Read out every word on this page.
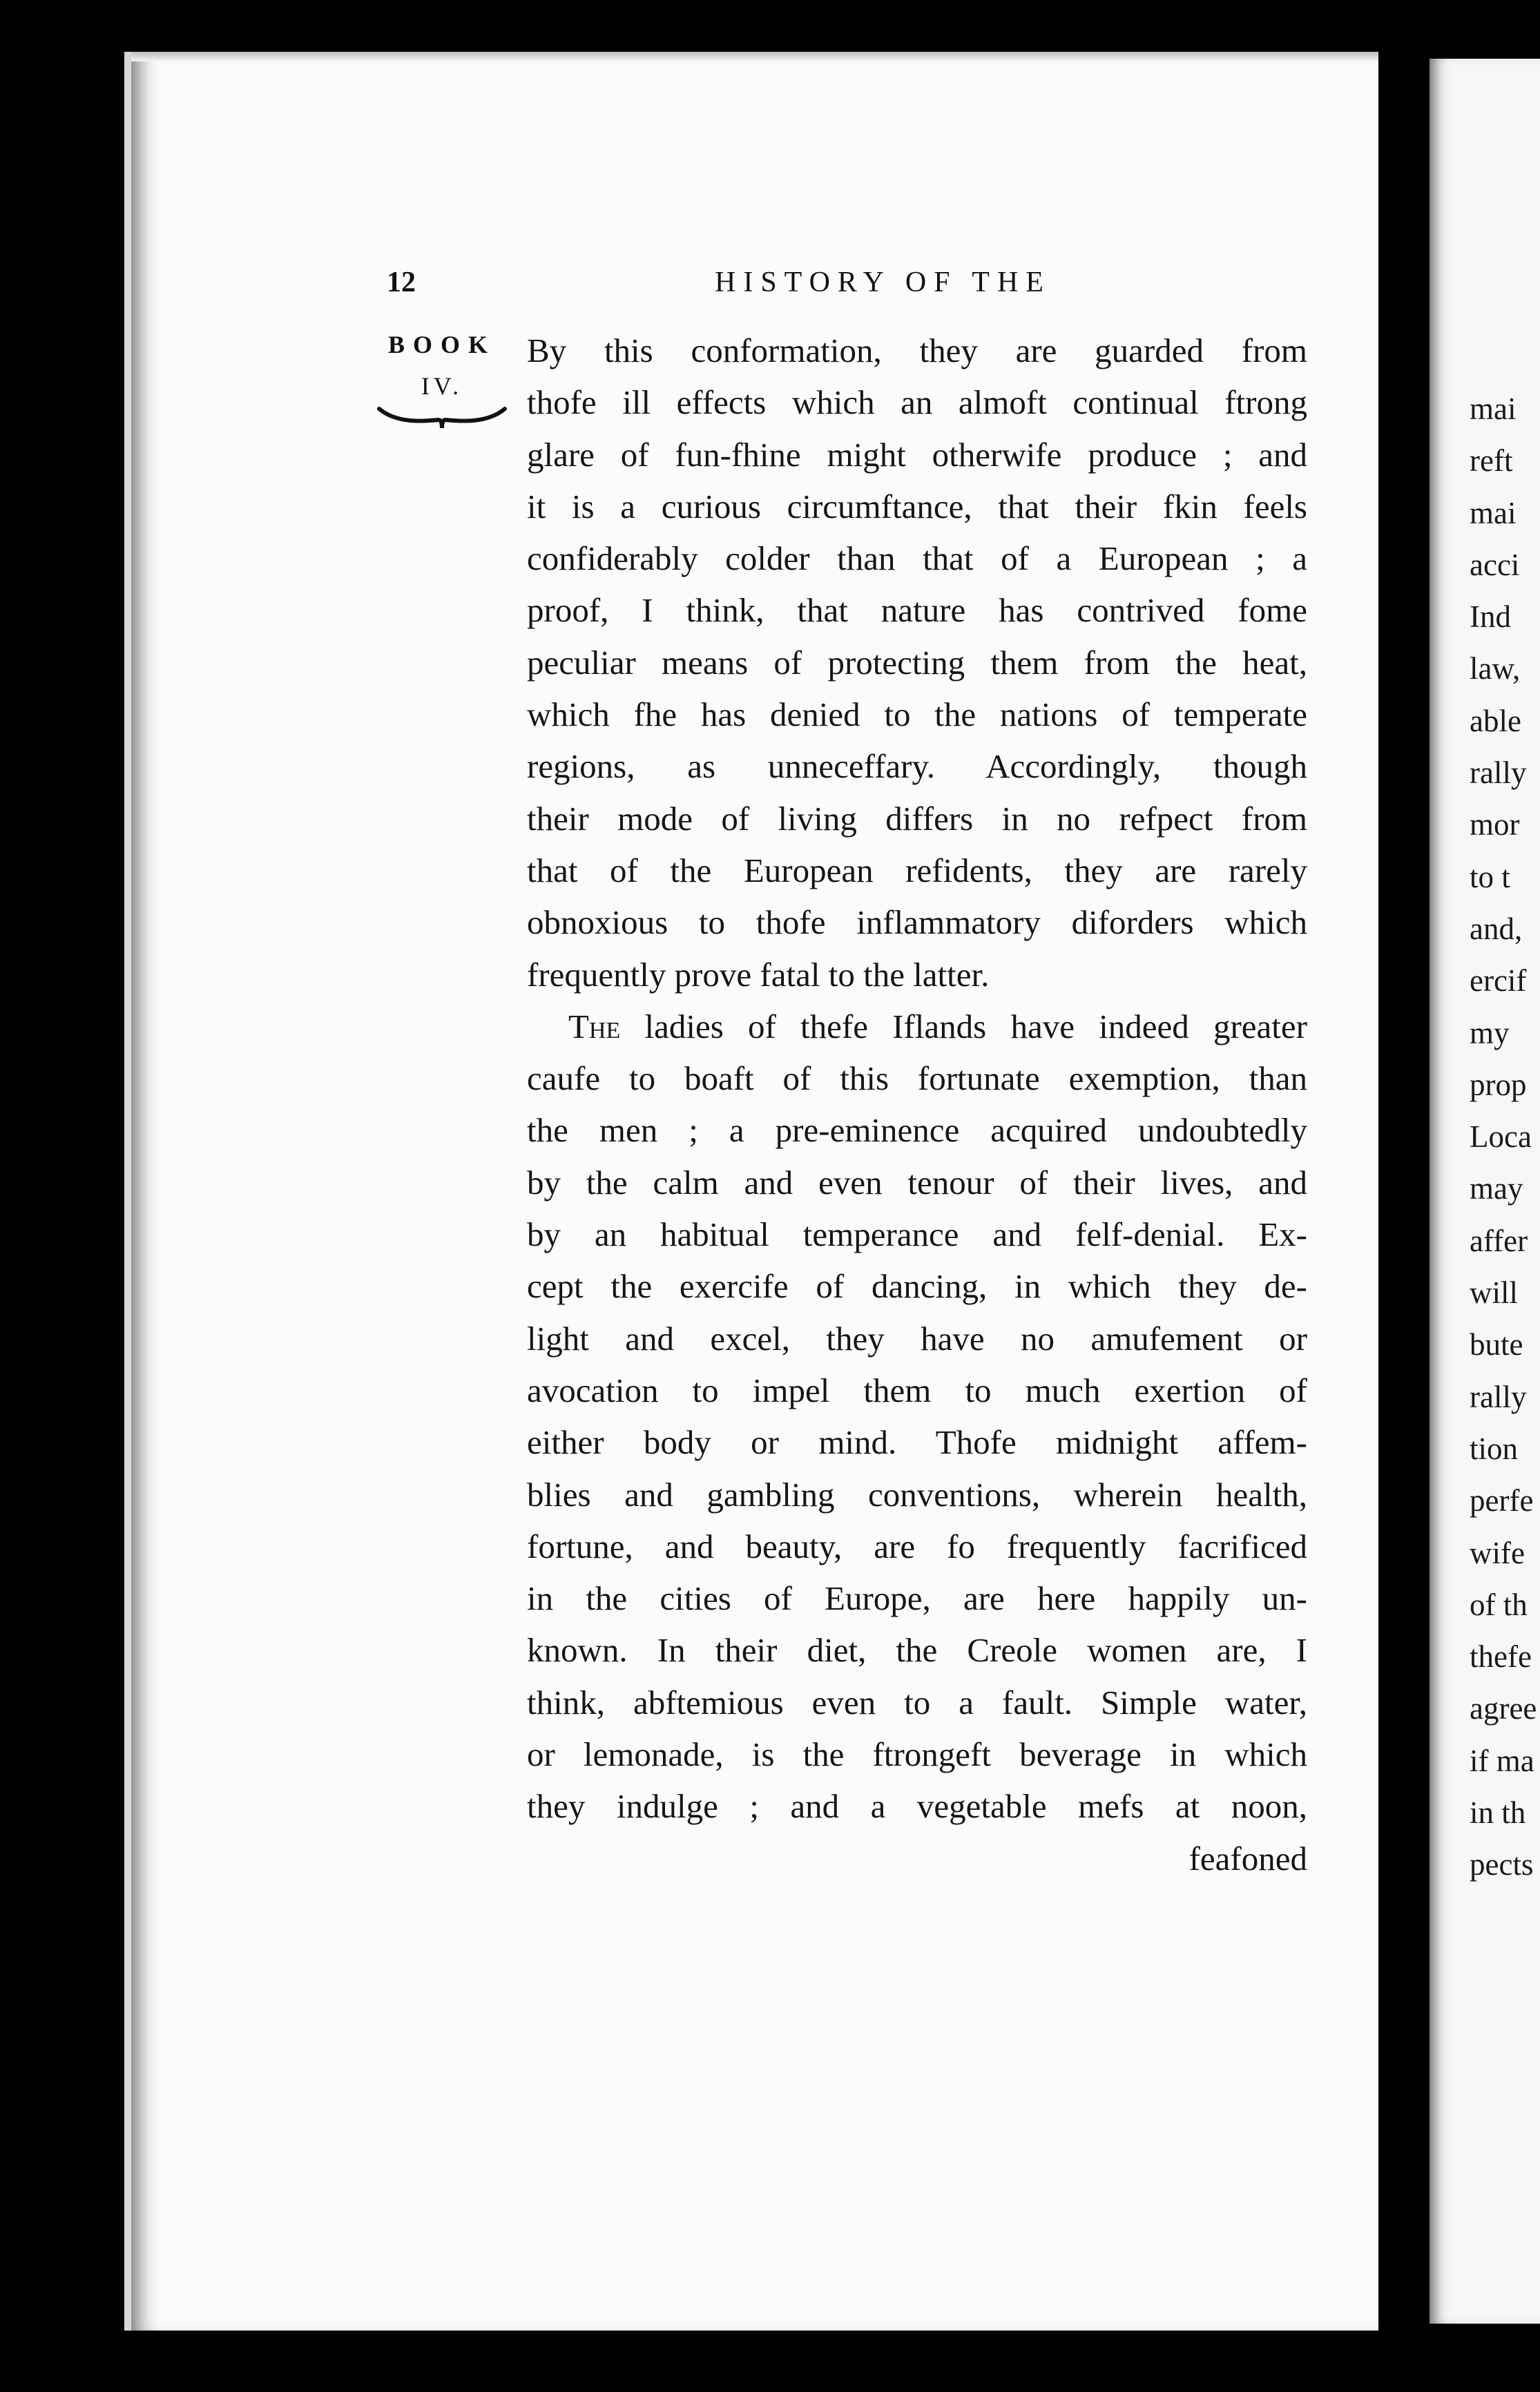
mai
reft
mai
acci
Ind
law,
able
rally
mor
to t
and,
ercif
my
prop
Loca
may
affer
will
bute
rally
tion
perfe
wife
of th
thefe
agree
if ma
in th
pects
12	HISTORY OF THE
BOOK
IV.
By this conformation, they are guarded from
thofe ill effects which an almoft continual ftrong
glare of fun-fhine might otherwife produce ; and
it is a curious circumftance, that their fkin feels
confiderably colder than that of a European ; a
proof, I think, that nature has contrived fome
peculiar means of protecting them from the heat,
which fhe has denied to the nations of temperate
regions, as unneceffary. Accordingly, though
their mode of living differs in no refpect from
that of the European refidents, they are rarely
obnoxious to thofe inflammatory diforders which
frequently prove fatal to the latter.
The ladies of thefe Iflands have indeed greater
caufe to boaft of this fortunate exemption, than
the men ; a pre-eminence acquired undoubtedly
by the calm and even tenour of their lives, and
by an habitual temperance and felf-denial. Ex-
cept the exercife of dancing, in which they de-
light and excel, they have no amufement or
avocation to impel them to much exertion of
either body or mind. Thofe midnight affem-
blies and gambling conventions, wherein health,
fortune, and beauty, are fo frequently facrificed
in the cities of Europe, are here happily un-
known. In their diet, the Creole women are, I
think, abftemious even to a fault. Simple water,
or lemonade, is the ftrongeft beverage in which
they indulge ; and a vegetable mefs at noon,
feafoned
